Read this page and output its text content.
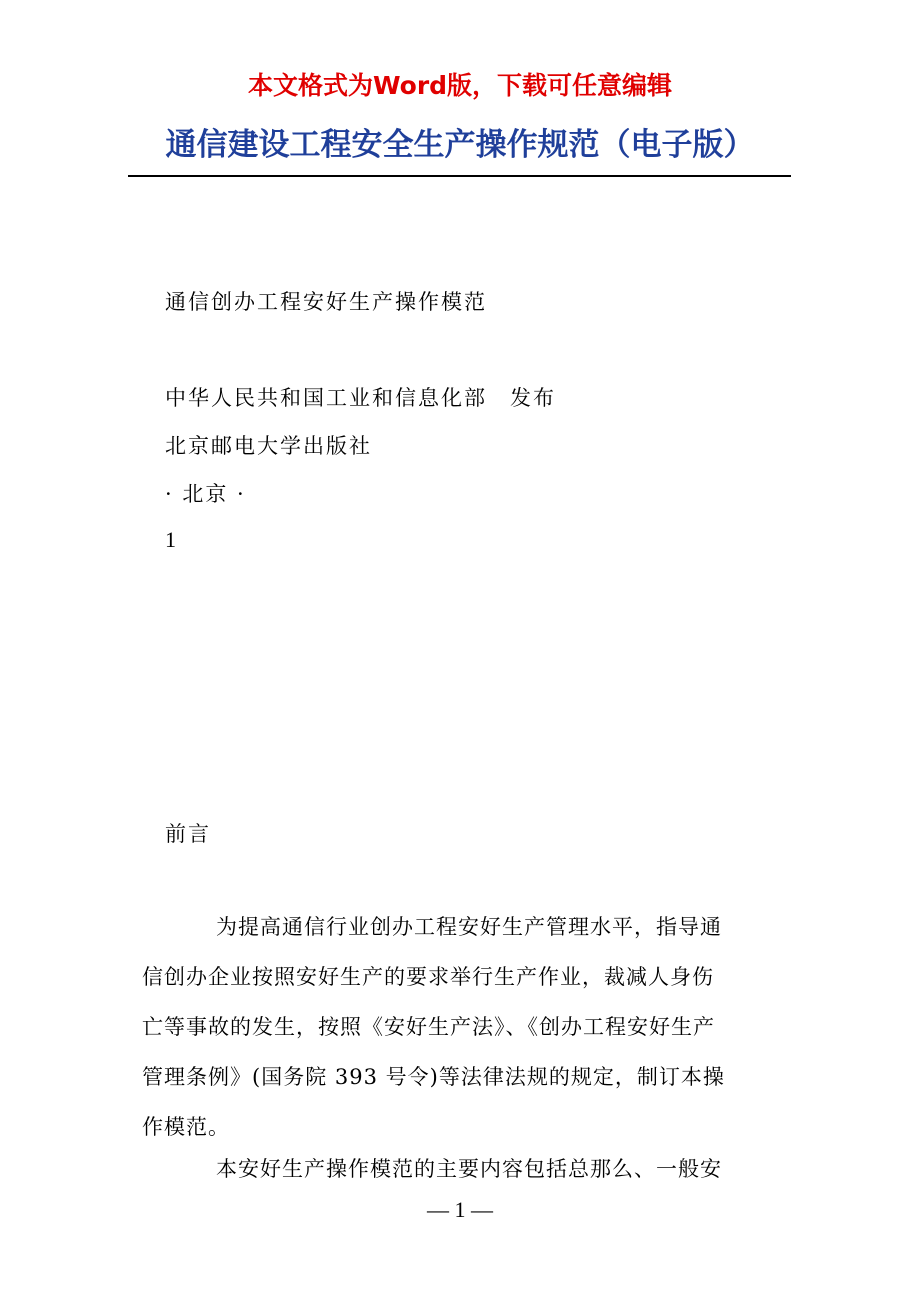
本文格式为Word版，下载可任意编辑
通信建设工程安全生产操作规范（电子版）
通信创办工程安好生产操作模范
中华人民共和国工业和信息化部　发布
北京邮电大学出版社
· 北京 ·
1
前言
为提高通信行业创办工程安好生产管理水平，指导通
信创办企业按照安好生产的要求举行生产作业，裁减人身伤
亡等事故的发生，按照《安好生产法》、《创办工程安好生产
管理条例》(国务院 393 号令)等法律法规的规定，制订本操
作模范。
本安好生产操作模范的主要内容包括总那么、一般安
— 1 —
